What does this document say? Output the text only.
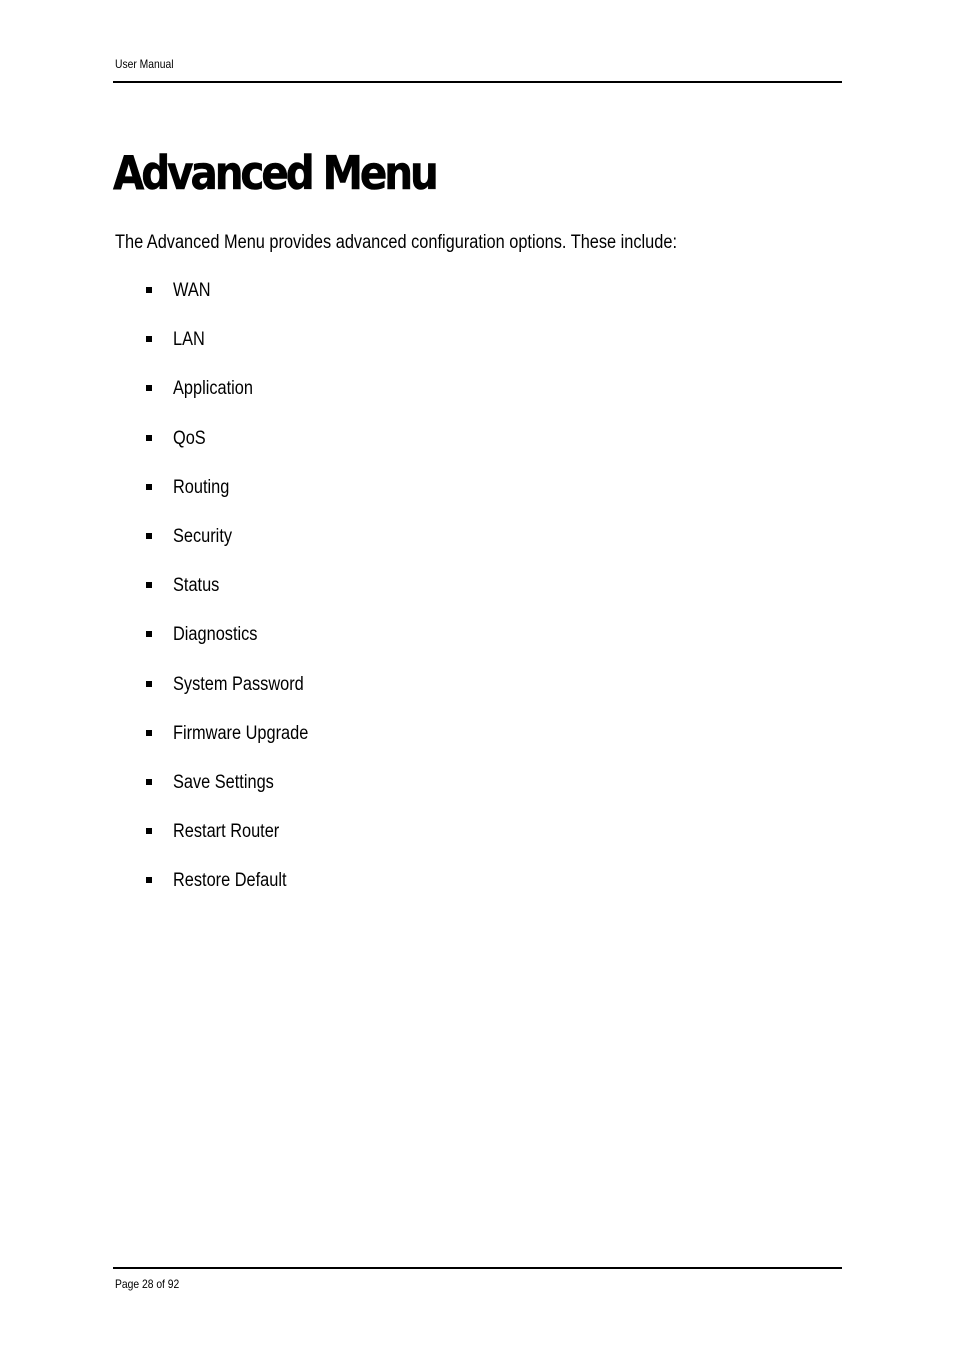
User Manual
Advanced Menu

The Advanced Menu provides advanced configuration options. These include:

WAN
LAN
Application
QoS
Routing
Security
Status
Diagnostics
System Password
Firmware Upgrade
Save Settings
Restart Router
Restore Default
Page 28 of 92
